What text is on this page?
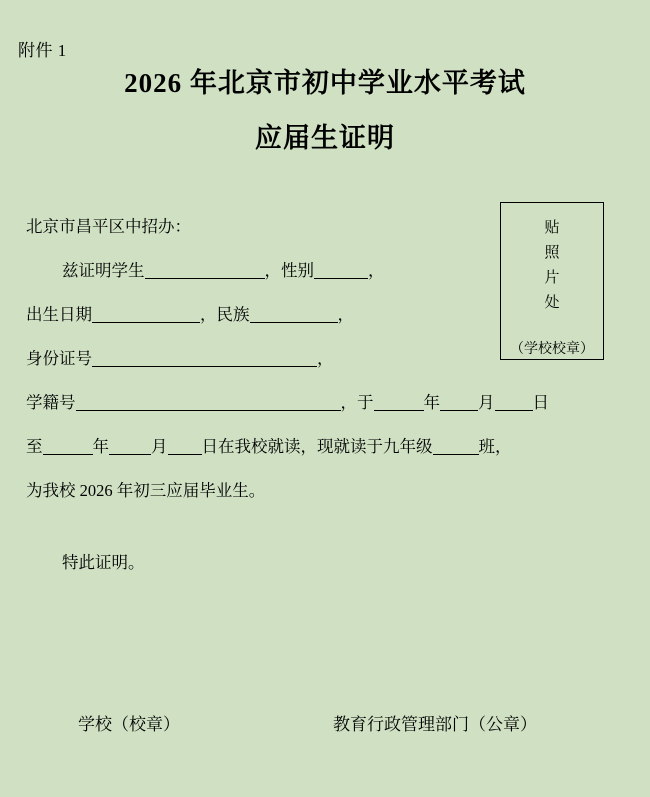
附件 1
2026 年北京市初中学业水平考试
应届生证明
北京市昌平区中招办：
兹证明学生	，性别	，
出生日期	，民族	，
身份证号	，
学籍号	，于	年 月 日
至	年	月 日在我校就读，现就读于九年级	班，
为我校 2026 年初三应届毕业生。
特此证明。
贴
照
片
处
（学校校章）
学校（校章）	教育行政管理部门（公章）
